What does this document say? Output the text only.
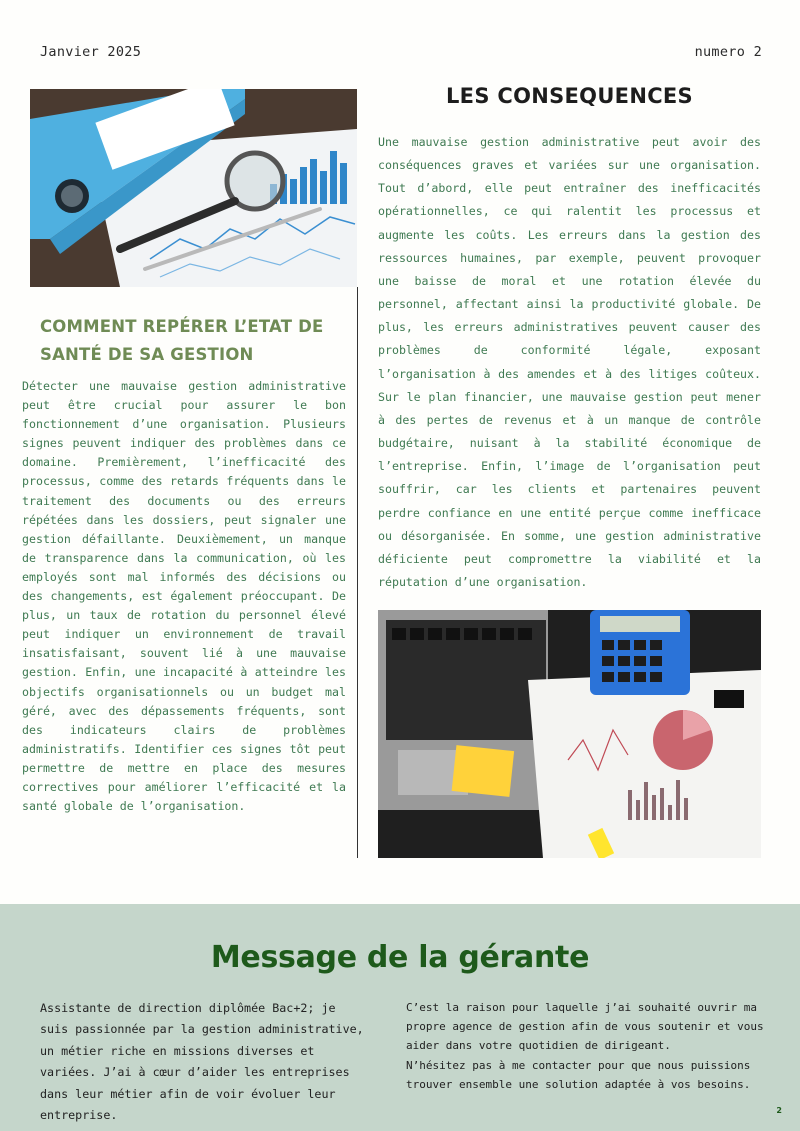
Janvier 2025	numero 2
COMMENT REPÉRER L’ETAT DE SANTÉ DE SA GESTION
Détecter une mauvaise gestion administrative peut être crucial pour assurer le bon fonctionnement d’une organisation. Plusieurs signes peuvent indiquer des problèmes dans ce domaine. Premièrement, l’inefficacité des processus, comme des retards fréquents dans le traitement des documents ou des erreurs répétées dans les dossiers, peut signaler une gestion défaillante. Deuxièmement, un manque de transparence dans la communication, où les employés sont mal informés des décisions ou des changements, est également préoccupant. De plus, un taux de rotation du personnel élevé peut indiquer un environnement de travail insatisfaisant, souvent lié à une mauvaise gestion. Enfin, une incapacité à atteindre les objectifs organisationnels ou un budget mal géré, avec des dépassements fréquents, sont des indicateurs clairs de problèmes administratifs. Identifier ces signes tôt peut permettre de mettre en place des mesures correctives pour améliorer l’efficacité et la santé globale de l’organisation.
LES CONSEQUENCES
Une mauvaise gestion administrative peut avoir des conséquences graves et variées sur une organisation. Tout d’abord, elle peut entraîner des inefficacités opérationnelles, ce qui ralentit les processus et augmente les coûts. Les erreurs dans la gestion des ressources humaines, par exemple, peuvent provoquer une baisse de moral et une rotation élevée du personnel, affectant ainsi la productivité globale. De plus, les erreurs administratives peuvent causer des problèmes de conformité légale, exposant l’organisation à des amendes et à des litiges coûteux. Sur le plan financier, une mauvaise gestion peut mener à des pertes de revenus et à un manque de contrôle budgétaire, nuisant à la stabilité économique de l’entreprise. Enfin, l’image de l’organisation peut souffrir, car les clients et partenaires peuvent perdre confiance en une entité perçue comme inefficace ou désorganisée. En somme, une gestion administrative déficiente peut compromettre la viabilité et la réputation d’une organisation.
Message de la gérante
Assistante de direction diplômée Bac+2; je suis passionnée par la gestion administrative, un métier riche en missions diverses et variées. J’ai à cœur d’aider les entreprises dans leur métier afin de voir évoluer leur entreprise.
C’est la raison pour laquelle j’ai souhaité ouvrir ma propre agence de gestion afin de vous soutenir et vous aider dans votre quotidien de dirigeant.
N’hésitez pas à me contacter pour que nous puissions trouver ensemble une solution adaptée à vos besoins.
2
